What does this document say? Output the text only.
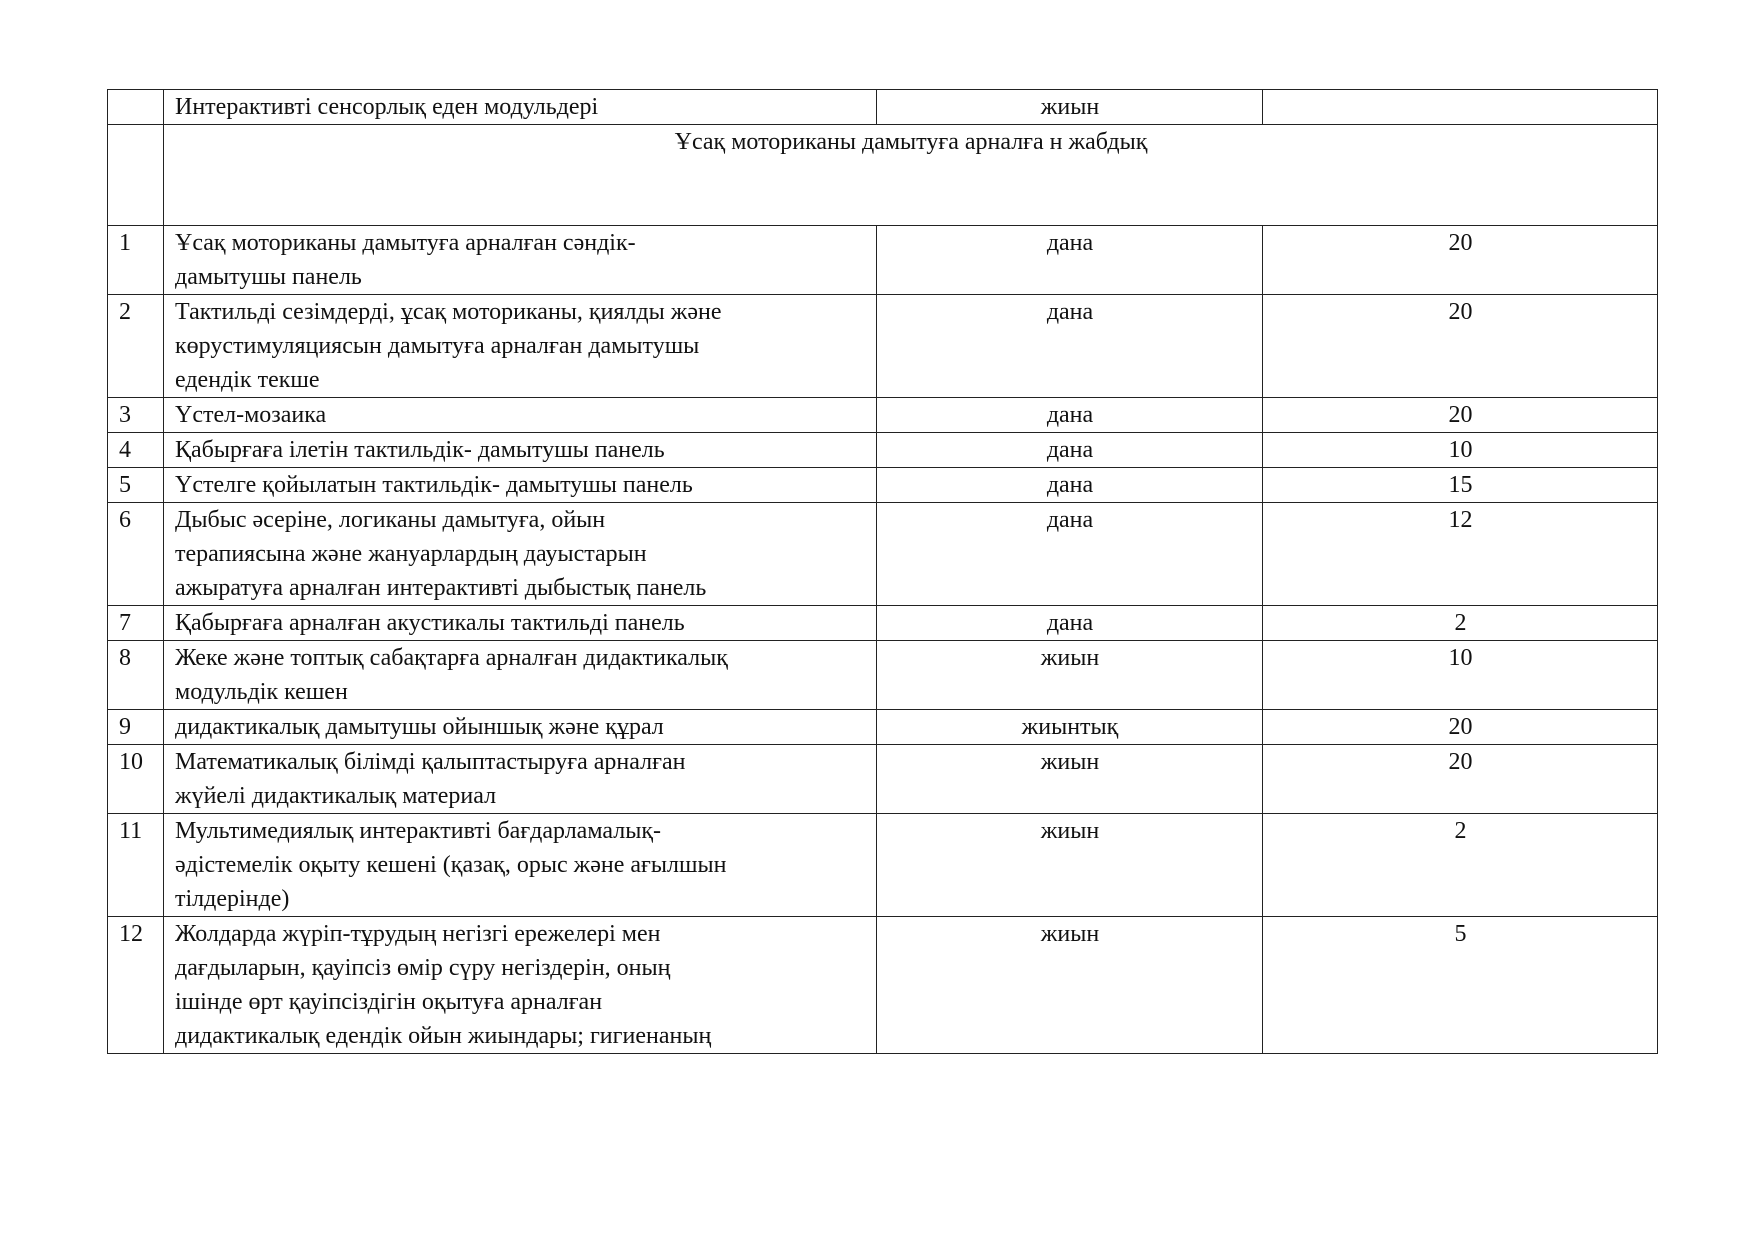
	Интерактивті сенсорлық еден модульдері	жиын	
	Ұсақ моториканы дамытуға арналға н жабдық		
1	Ұсақ моториканы дамытуға арналған сәндік-
дамытушы панель	дана	20
2	Тактильді сезімдерді, ұсақ моториканы, қиялды және
көрустимуляциясын дамытуға арналған дамытушы
едендік текше	дана	20
3	Үстел-мозаика	дана	20
4	Қабырғаға ілетін тактильдік- дамытушы панель	дана	10
5	Үстелге қойылатын тактильдік- дамытушы панель	дана	15
6	Дыбыс әсеріне, логиканы дамытуға, ойын
терапиясына және жануарлардың дауыстарын
ажыратуға арналған интерактивті дыбыстық панель	дана	12
7	Қабырғаға арналған акустикалы тактильді панель	дана	2
8	Жеке және топтық сабақтарға арналған дидактикалық
модульдік кешен	жиын	10
9	дидактикалық дамытушы ойыншық және құрал	жиынтық	20
10	Математикалық білімді қалыптастыруға арналған
жүйелі дидактикалық материал	жиын	20
11	Мультимедиялық интерактивті бағдарламалық-
әдістемелік оқыту кешені (қазақ, орыс және ағылшын
тілдерінде)	жиын	2
12	Жолдарда жүріп-тұрудың негізгі ережелері мен
дағдыларын, қауіпсіз өмір сүру негіздерін, оның
ішінде өрт қауіпсіздігін оқытуға арналған
дидактикалық едендік ойын жиындары; гигиенаның	жиын	5
